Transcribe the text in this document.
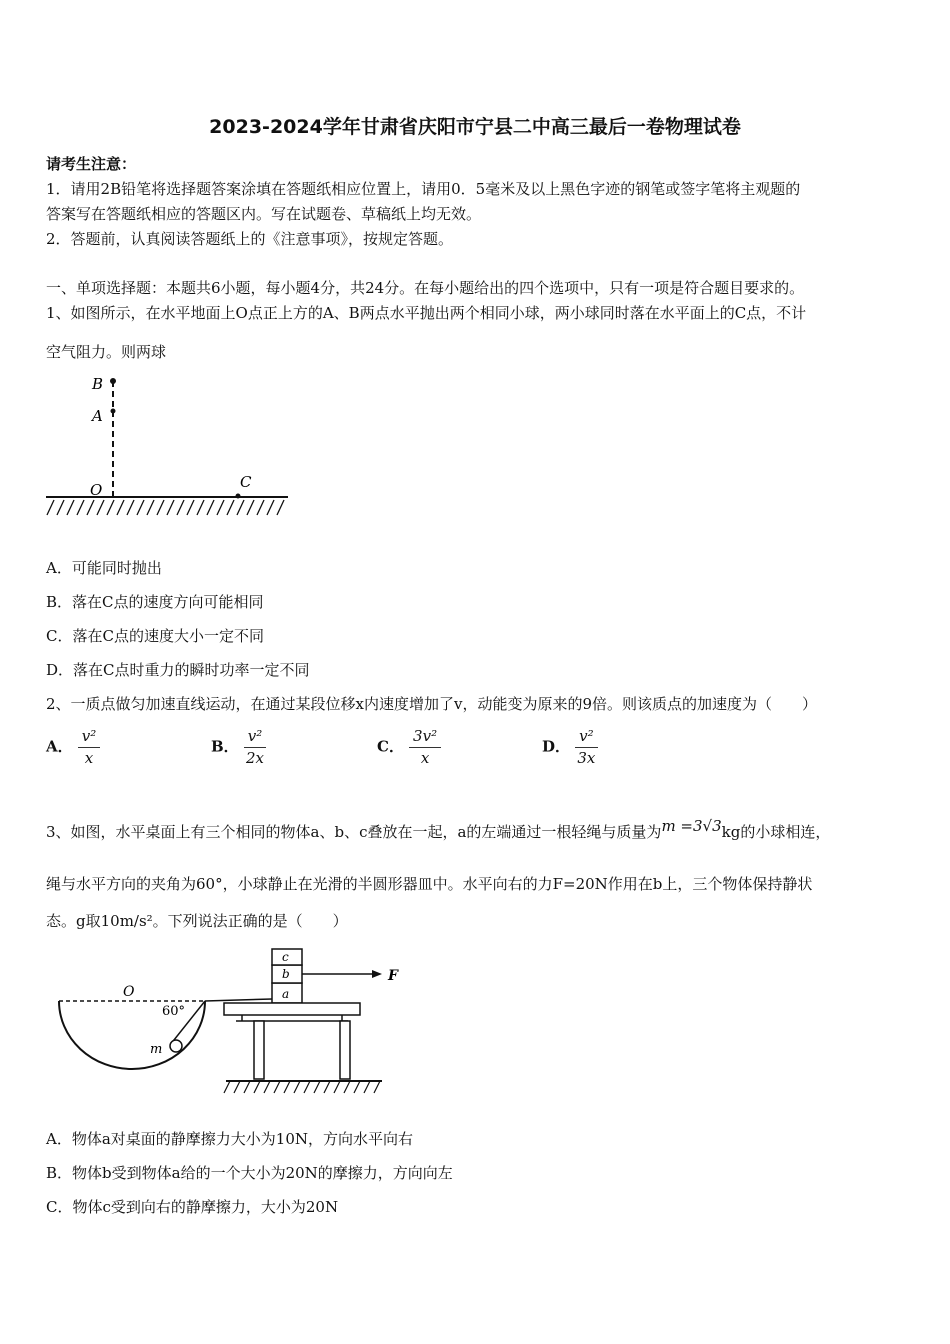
2023-2024学年甘肃省庆阳市宁县二中高三最后一卷物理试卷
请考生注意：
1．请用2B铅笔将选择题答案涂填在答题纸相应位置上，请用0．5毫米及以上黑色字迹的钢笔或签字笔将主观题的
答案写在答题纸相应的答题区内。写在试题卷、草稿纸上均无效。
2．答题前，认真阅读答题纸上的《注意事项》，按规定答题。
一、单项选择题：本题共6小题，每小题4分，共24分。在每小题给出的四个选项中，只有一项是符合题目要求的。
1、如图所示，在水平地面上O点正上方的A、B两点水平抛出两个相同小球，两小球同时落在水平面上的C点，不计
空气阻力。则两球
B
A
O	C
A．可能同时抛出
B．落在C点的速度方向可能相同
C．落在C点的速度大小一定不同
D．落在C点时重力的瞬时功率一定不同
2、一质点做匀加速直线运动，在通过某段位移x内速度增加了v，动能变为原来的9倍。则该质点的加速度为（　　）
A． $\frac{\text{v²}}{x}$	B． $\frac{\text{v²}}{2x}$	C． $\frac{\text{3v²}}{x}$	D． $\frac{\text{v²}}{3x}$
3、如图，水平桌面上有三个相同的物体a、b、c叠放在一起，a的左端通过一根轻绳与质量为m =3√3kg的小球相连，
绳与水平方向的夹角为60°，小球静止在光滑的半圆形器皿中。水平向右的力F=20N作用在b上，三个物体保持静状
态。g取10m/s²。下列说法正确的是（　　）
O
60°
m
c
b
a
F
A．物体a对桌面的静摩擦力大小为10N，方向水平向右
B．物体b受到物体a给的一个大小为20N的摩擦力，方向向左
C．物体c受到向右的静摩擦力，大小为20N
